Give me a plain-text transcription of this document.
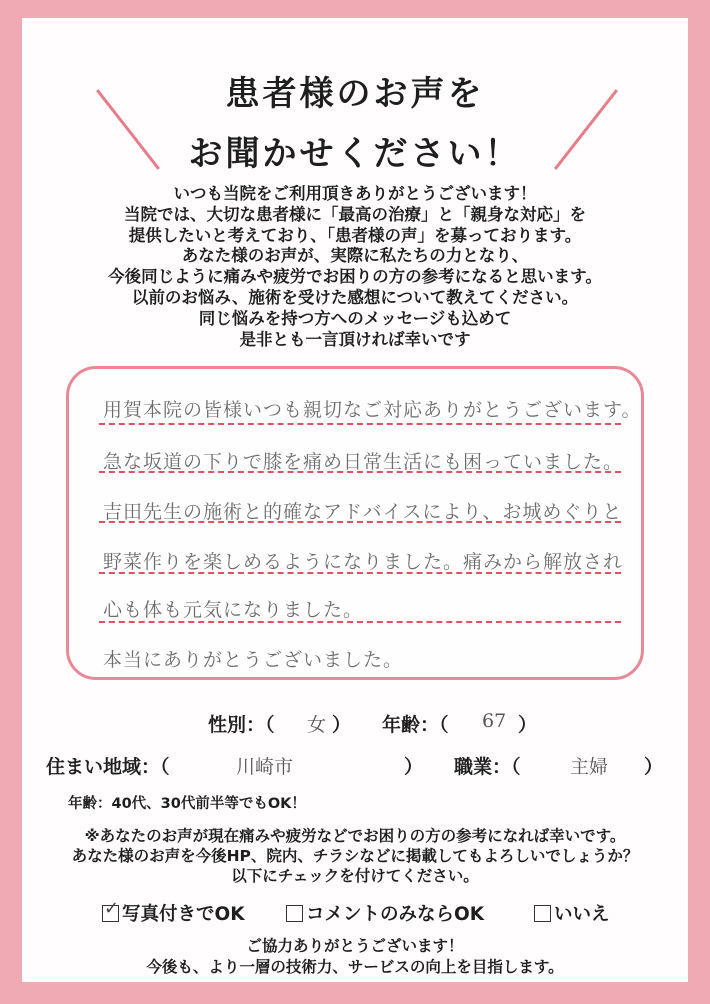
患者様のお声を
お聞かせください！
いつも当院をご利用頂きありがとうございます！
当院では、大切な患者様に「最高の治療」と「親身な対応」を
提供したいと考えており、「患者様の声」を募っております。
あなた様のお声が、実際に私たちの力となり、
今後同じように痛みや疲労でお困りの方の参考になると思います。
以前のお悩み、施術を受けた感想について教えてください。
同じ悩みを持つ方へのメッセージも込めて
是非とも一言頂ければ幸いです
用賀本院の皆様いつも親切なご対応ありがとうございます。
急な坂道の下りで膝を痛め日常生活にも困っていました。
吉田先生の施術と的確なアドバイスにより、お城めぐりと
野菜作りを楽しめるようになりました。痛みから解放され
心も体も元気になりました。
本当にありがとうございました。
性別：（ 女 ） 年齢：（ 67 ）
住まい地域：（	川崎市	） 職業：（	主婦 ）
年齢：40代、30代前半等でもOK！
※あなたのお声が現在痛みや疲労などでお困りの方の参考になれば幸いです。
あなた様のお声を今後HP、院内、チラシなどに掲載してもよろしいでしょうか？
以下にチェックを付けてください。
✓ 写真付きでOK	コメントのみならOK	いいえ
ご協力ありがとうございます！
今後も、より一層の技術力、サービスの向上を目指します。
